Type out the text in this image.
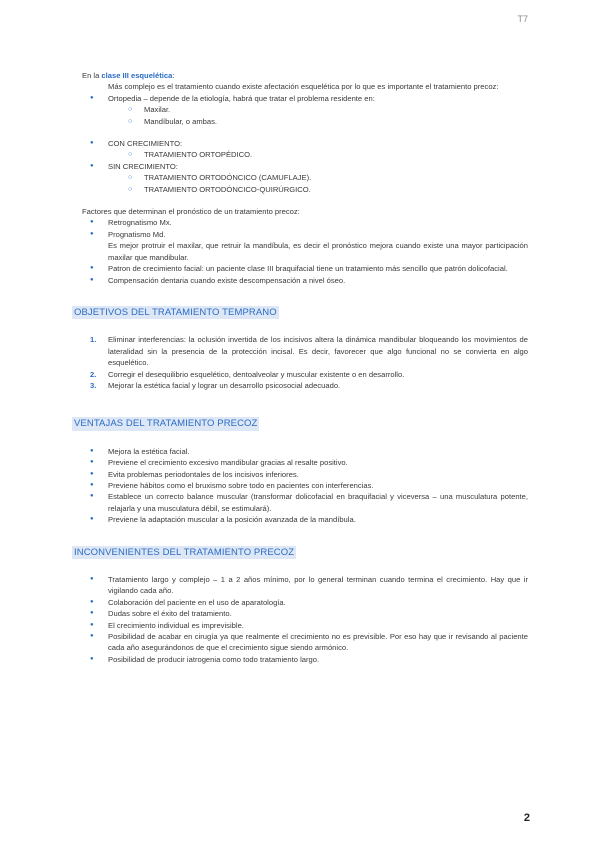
T7

En la clase III esquelética:

Más complejo es el tratamiento cuando existe afectación esquelética por lo que es importante el tratamiento precoz:

● Ortopedia – depende de la etiología, habrá que tratar el problema residente en:
○ Maxilar.
○ Mandíbular, o ambas.
● CON CRECIMIENTO:
○ TRATAMIENTO ORTOPÉDICO.
● SIN CRECIMIENTO:
○ TRATAMIENTO ORTODÓNCICO (CAMUFLAJE).
○ TRATAMIENTO ORTODÓNCICO-QUIRÚRGICO.

Factores que determinan el pronóstico de un tratamiento precoz:

● Retrognatismo Mx.
● Prognatismo Md.
Es mejor protruir el maxilar, que retruir la mandíbula, es decir el pronóstico mejora cuando existe una mayor participación maxilar que mandibular.
● Patron de crecimiento facial: un paciente clase III braquifacial tiene un tratamiento más sencillo que patrón dolicofacial.
● Compensación dentaria cuando existe descompensación a nivel óseo.
OBJETIVOS DEL TRATAMIENTO TEMPRANO
1. Eliminar interferencias: la oclusión invertida de los incisivos altera la dinámica mandibular bloqueando los movimientos de lateralidad sin la presencia de la protección incisal. Es decir, favorecer que algo funcional no se convierta en algo esquelético.
2. Corregir el desequilibrio esquelético, dentoalveolar y muscular existente o en desarrollo.
3. Mejorar la estética facial y lograr un desarrollo psicosocial adecuado.
VENTAJAS DEL TRATAMIENTO PRECOZ
● Mejora la estética facial.
● Previene el crecimiento excesivo mandibular gracias al resalte positivo.
● Evita problemas periodontales de los incisivos inferiores.
● Previene hábitos como el bruxismo sobre todo en pacientes con interferencias.
● Establece un correcto balance muscular (transformar dolicofacial en braquifacial y viceversa – una musculatura potente, relajarla y una musculatura débil, se estimulará).
● Previene la adaptación muscular a la posición avanzada de la mandíbula.
INCONVENIENTES DEL TRATAMIENTO PRECOZ
● Tratamiento largo y complejo – 1 a 2 años mínimo, por lo general terminan cuando termina el crecimiento. Hay que ir vigilando cada año.
● Colaboración del paciente en el uso de aparatología.
● Dudas sobre el éxito del tratamiento.
● El crecimiento individual es imprevisible.
● Posibilidad de acabar en cirugía ya que realmente el crecimiento no es previsible. Por eso hay que ir revisando al paciente cada año asegurándonos de que el crecimiento sigue siendo armónico.
● Posibilidad de producir iatrogenia como todo tratamiento largo.
2
